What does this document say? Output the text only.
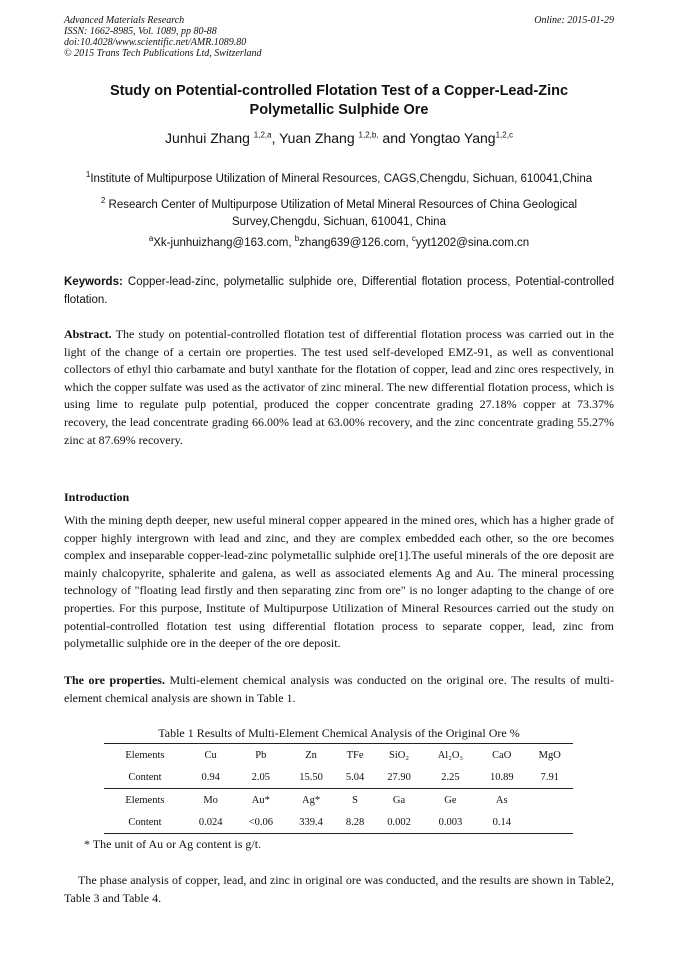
Advanced Materials Research
ISSN: 1662-8985, Vol. 1089, pp 80-88
doi:10.4028/www.scientific.net/AMR.1089.80
© 2015 Trans Tech Publications Ltd, Switzerland
Online: 2015-01-29
Study on Potential-controlled Flotation Test of a Copper-Lead-Zinc
Polymetallic Sulphide Ore
Junhui Zhang $^{1,2,a}$, Yuan Zhang $^{1,2,b,}$ and Yongtao Yang$^{1,2,c}$
$^1$Institute of Multipurpose Utilization of Mineral Resources, CAGS,Chengdu, Sichuan, 610041,China
$^2$ Research Center of Multipurpose Utilization of Metal Mineral Resources of China Geological
Survey,Chengdu, Sichuan, 610041, China
$^a$Xk-junhuizhang@163.com, $^b$zhang639@126.com, $^c$yyt1202@sina.com.cn
Keywords: Copper-lead-zinc, polymetallic sulphide ore, Differential flotation process, Potential-controlled flotation.
Abstract. The study on potential-controlled flotation test of differential flotation process was carried out in the light of the change of a certain ore properties. The test used self-developed EMZ-91, as well as conventional collectors of ethyl thio carbamate and butyl xanthate for the flotation of copper, lead and zinc ores respectively, in which the copper sulfate was used as the activator of zinc mineral. The new differential flotation process, which is using lime to regulate pulp potential, produced the copper concentrate grading 27.18% copper at 73.37% recovery, the lead concentrate grading 66.00% lead at 63.00% recovery, and the zinc concentrate grading 55.27% zinc at 87.69% recovery.
Introduction
With the mining depth deeper, new useful mineral copper appeared in the mined ores, which has a higher grade of copper highly intergrown with lead and zinc, and they are complex embedded each other, so the ore becomes complex and inseparable copper-lead-zinc polymetallic sulphide ore[1].The useful minerals of the ore deposit are mainly chalcopyrite, sphalerite and galena, as well as associated elements Ag and Au. The mineral processing technology of "floating lead firstly and then separating zinc from ore" is no longer adapting to the change of ore properties. For this purpose, Institute of Multipurpose Utilization of Mineral Resources carried out the study on potential-controlled flotation test using differential flotation process to separate copper, lead, zinc from polymetallic sulphide ore in the deeper of the ore deposit.
The ore properties. Multi-element chemical analysis was conducted on the original ore. The results of multi-element chemical analysis are shown in Table 1.
Table 1 Results of Multi-Element Chemical Analysis of the Original Ore %
Elements	Cu	Pb	Zn	TFe	SiO₂	Al₂O₃	CaO	MgO
Content	0.94	2.05	15.50	5.04	27.90	2.25	10.89	7.91
Elements	Mo	Au*	Ag*	S	Ga	Ge	As	
Content	0.024	<0.06	339.4	8.28	0.002	0.003	0.14	
* The unit of Au or Ag content is g/t.
The phase analysis of copper, lead, and zinc in original ore was conducted, and the results are shown in Table2, Table 3 and Table 4.
